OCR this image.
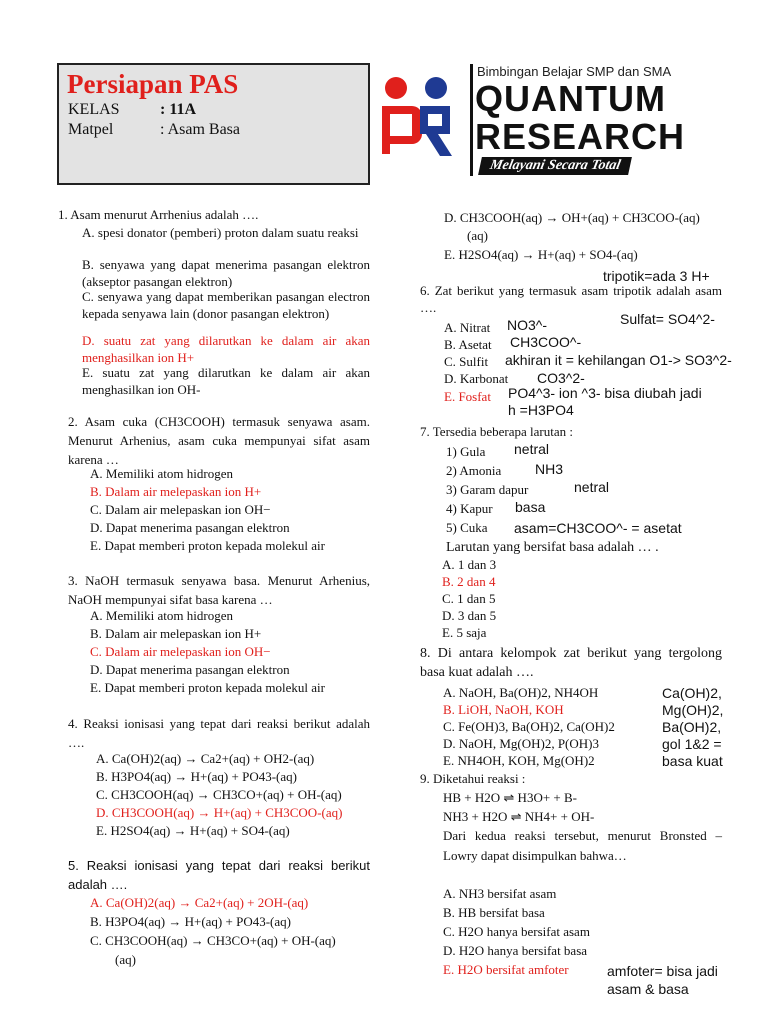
Persiapan PAS
KELAS	: 11A
Matpel	: Asam Basa
Bimbingan Belajar SMP dan SMA
QUANTUM
RESEARCH
Melayani Secara Total
1. Asam menurut Arrhenius adalah ….
A. spesi donator (pemberi) proton dalam suatu reaksi
B. senyawa yang dapat menerima pasangan elektron (akseptor pasangan elektron)
C. senyawa yang dapat memberikan pasangan electron kepada senyawa lain (donor pasangan elektron)
D. suatu zat yang dilarutkan ke dalam air akan menghasilkan ion H+
E. suatu zat yang dilarutkan ke dalam air akan menghasilkan ion OH-
2. Asam cuka (CH3COOH) termasuk senyawa asam. Menurut Arhenius, asam cuka mempunyai sifat asam karena …
A. Memiliki atom hidrogen
B. Dalam air melepaskan ion H+
C. Dalam air melepaskan ion OH−
D. Dapat menerima pasangan elektron
E. Dapat memberi proton kepada molekul air
3. NaOH termasuk senyawa basa. Menurut Arhenius, NaOH mempunyai sifat basa karena …
A. Memiliki atom hidrogen
B. Dalam air melepaskan ion H+
C. Dalam air melepaskan ion OH−
D. Dapat menerima pasangan elektron
E. Dapat memberi proton kepada molekul air
4. Reaksi ionisasi yang tepat dari reaksi berikut adalah ….
A. Ca(OH)2(aq) → Ca2+(aq) + OH2-(aq)
B. H3PO4(aq) → H+(aq) + PO43-(aq)
C. CH3COOH(aq) → CH3CO+(aq) + OH-(aq)
D. CH3COOH(aq) → H+(aq) + CH3COO-(aq)
E. H2SO4(aq) → H+(aq) + SO4-(aq)
5. Reaksi ionisasi yang tepat dari reaksi berikut adalah ….
A. Ca(OH)2(aq) → Ca2+(aq) + 2OH-(aq)
B. H3PO4(aq) → H+(aq) + PO43-(aq)
C. CH3COOH(aq) → CH3CO+(aq) + OH-(aq)
(aq)
D. CH3COOH(aq) → OH+(aq) + CH3COO-(aq)
(aq)
E. H2SO4(aq) → H+(aq) + SO4-(aq)
tripotik=ada 3 H+
6. Zat berikut yang termasuk asam tripotik adalah asam ….
A. Nitrat NO3^-	Sulfat= SO4^2-
B. Asetat CH3COO^-
C. Sulfit akhiran it = kehilangan O1-> SO3^2-
D. Karbonat CO3^2-
E. Fosfat PO4^3- ion ^3- bisa diubah jadi
h =H3PO4
7. Tersedia beberapa larutan :
1) Gula netral
2) Amonia NH3
3) Garam dapur	netral
4) Kapur basa
5) Cuka asam=CH3COO^- = asetat
Larutan yang bersifat basa adalah … .
A. 1 dan 3
B. 2 dan 4
C. 1 dan 5
D. 3 dan 5
E. 5 saja
8. Di antara kelompok zat berikut yang tergolong basa kuat adalah ….
A. NaOH, Ba(OH)2, NH4OH
B. LiOH, NaOH, KOH
C. Fe(OH)3, Ba(OH)2, Ca(OH)2
D. NaOH, Mg(OH)2, P(OH)3
E. NH4OH, KOH, Mg(OH)2
Ca(OH)2,
Mg(OH)2,
Ba(OH)2,
gol 1&2 =
basa kuat
9. Diketahui reaksi :
HB + H2O ⇌ H3O+ + B-
NH3 + H2O ⇌ NH4+ + OH-
Dari kedua reaksi tersebut, menurut Bronsted – Lowry dapat disimpulkan bahwa…
A. NH3 bersifat asam
B. HB bersifat basa
C. H2O hanya bersifat asam
D. H2O hanya bersifat basa
E. H2O bersifat amfoter	amfoter= bisa jadi
asam & basa
